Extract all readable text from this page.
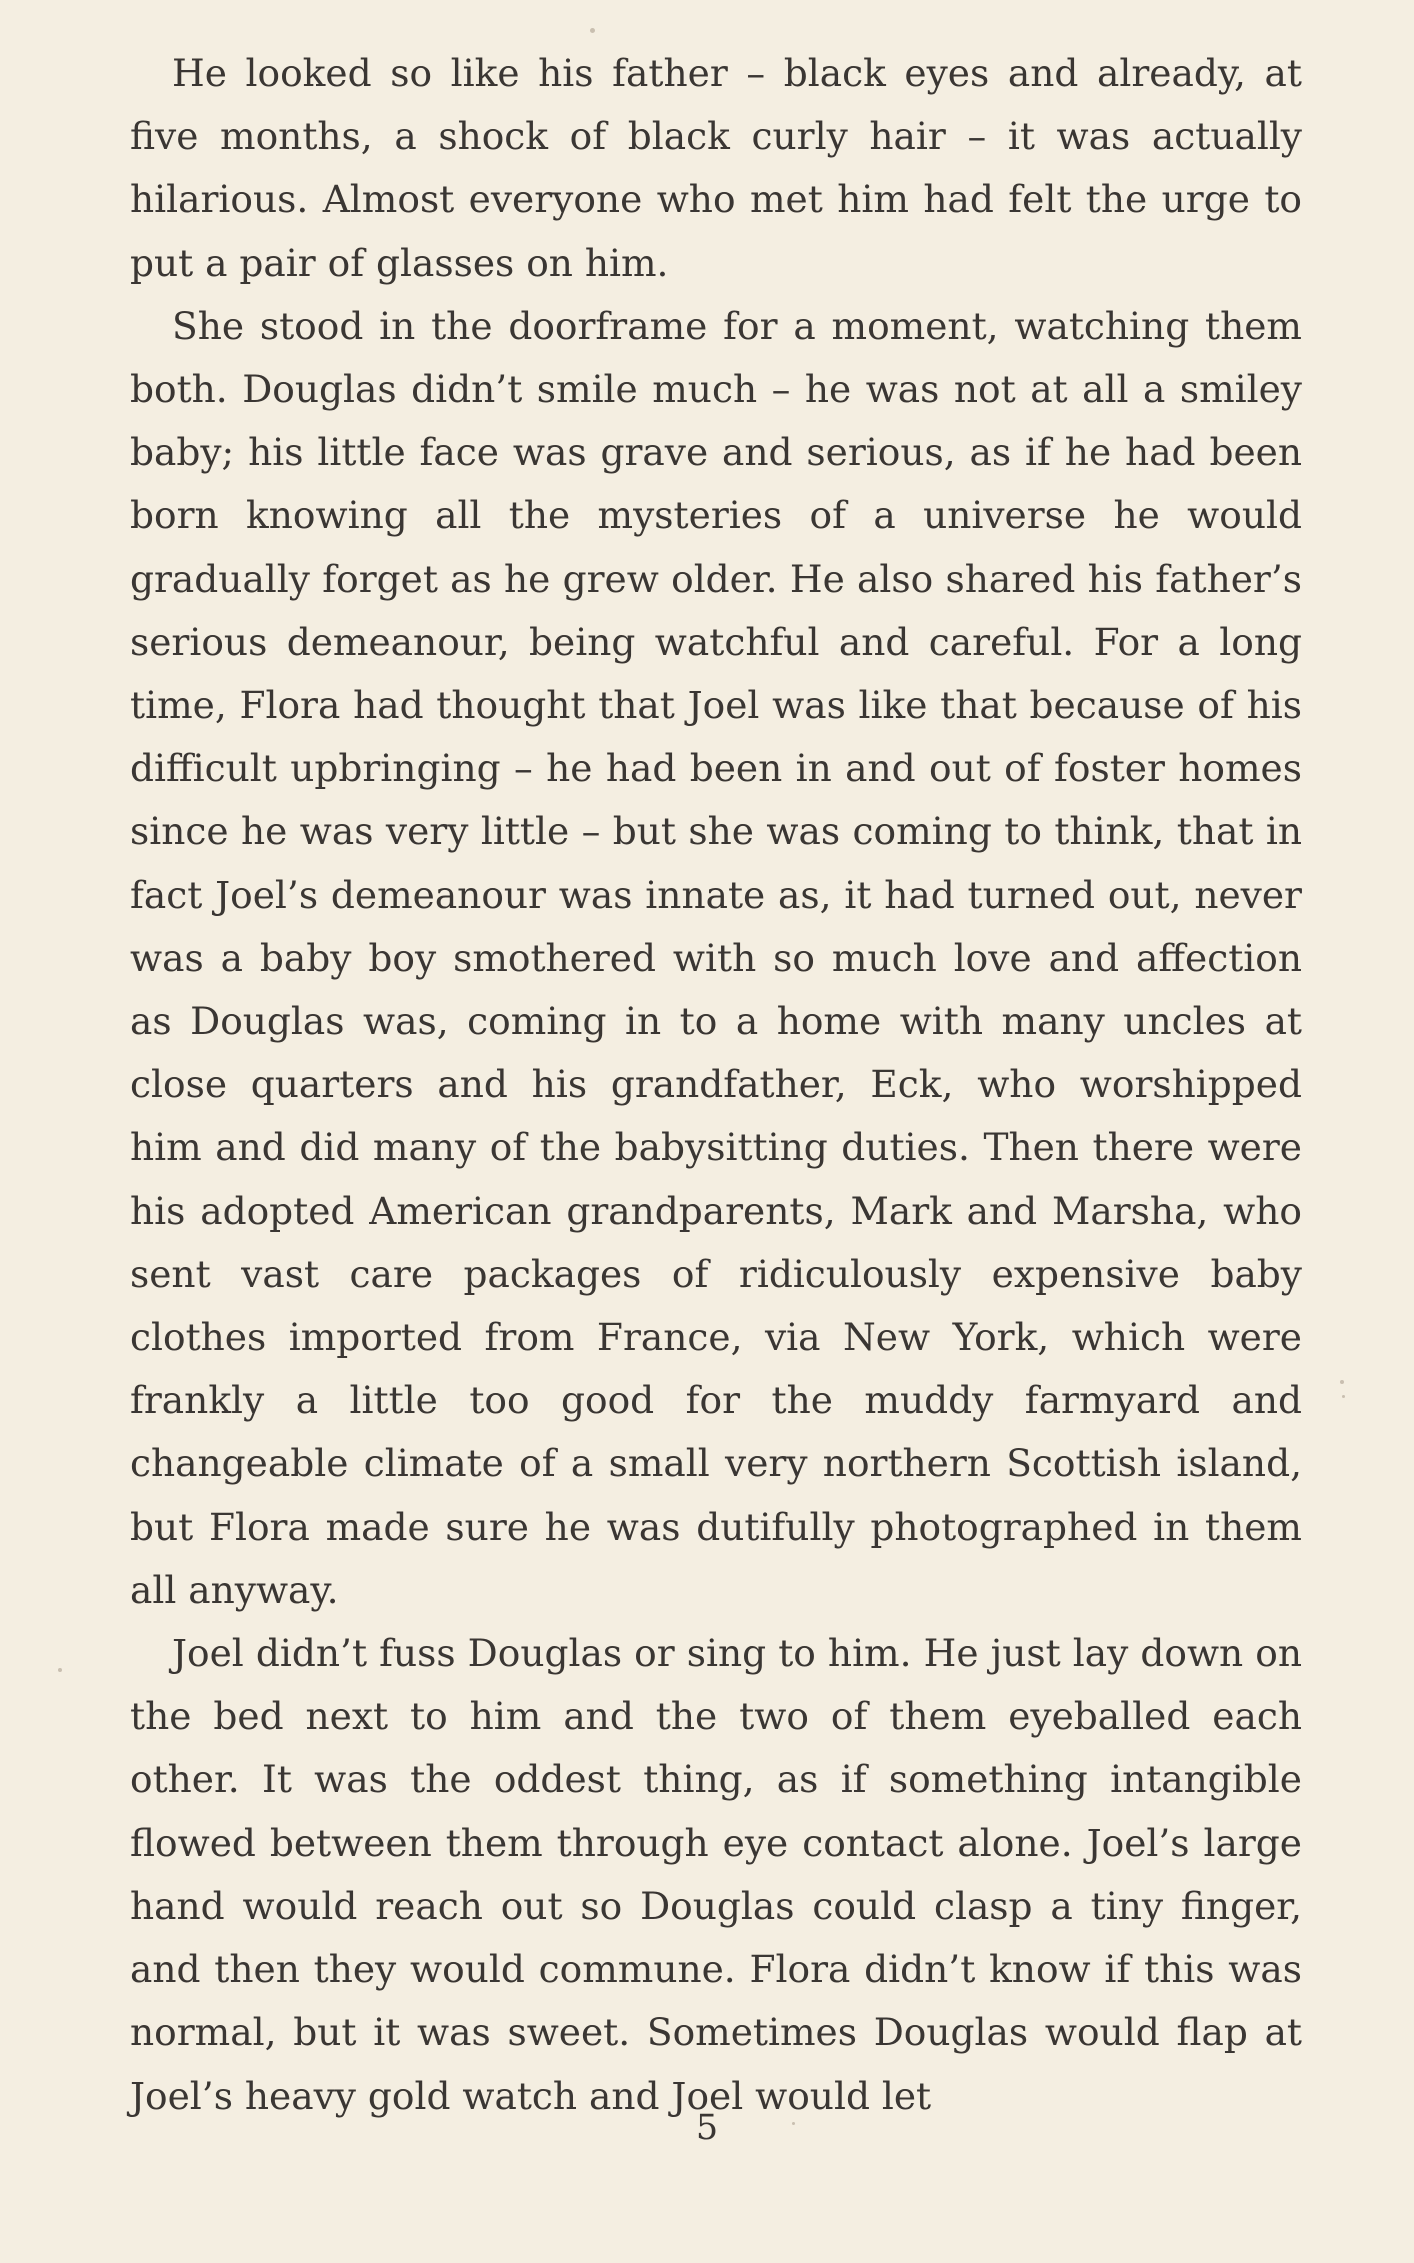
He looked so like his father – black eyes and already, at five months, a shock of black curly hair – it was actually hilarious. Almost everyone who met him had felt the urge to put a pair of glasses on him.

She stood in the doorframe for a moment, watching them both. Douglas didn’t smile much – he was not at all a smiley baby; his little face was grave and serious, as if he had been born knowing all the mysteries of a universe he would gradually forget as he grew older. He also shared his father’s serious demeanour, being watchful and careful. For a long time, Flora had thought that Joel was like that because of his difficult upbringing – he had been in and out of foster homes since he was very little – but she was coming to think, that in fact Joel’s demeanour was innate as, it had turned out, never was a baby boy smothered with so much love and affection as Douglas was, coming in to a home with many uncles at close quarters and his grandfather, Eck, who worshipped him and did many of the babysitting duties. Then there were his adopted American grandparents, Mark and Marsha, who sent vast care packages of ridiculously expensive baby clothes imported from France, via New York, which were frankly a little too good for the muddy farmyard and changeable climate of a small very northern Scottish island, but Flora made sure he was dutifully photographed in them all anyway.

Joel didn’t fuss Douglas or sing to him. He just lay down on the bed next to him and the two of them eyeballed each other. It was the oddest thing, as if something intangible flowed between them through eye contact alone. Joel’s large hand would reach out so Douglas could clasp a tiny finger, and then they would commune. Flora didn’t know if this was normal, but it was sweet. Sometimes Douglas would flap at Joel’s heavy gold watch and Joel would let

5
